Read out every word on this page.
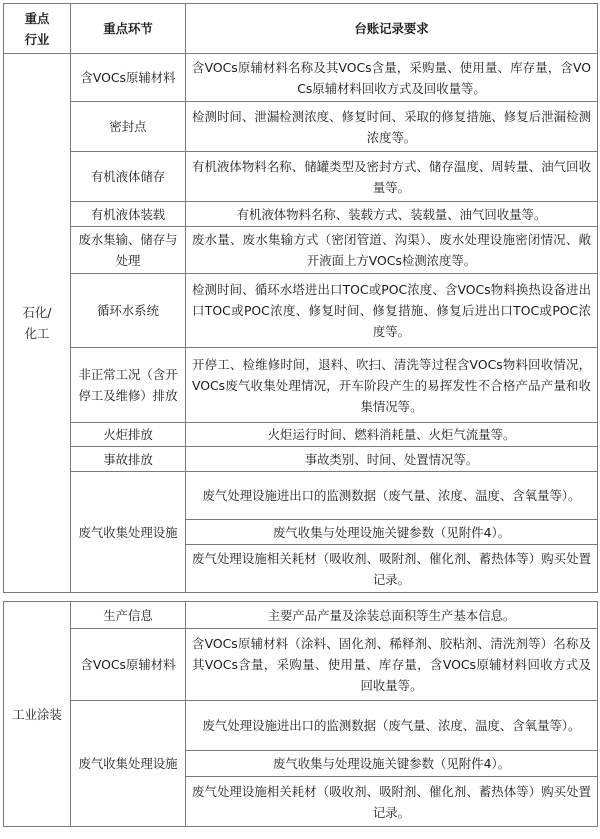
重点
行业	重点环节	台账记录要求
石化/
化工	含VOCs原辅材料	含VOCs原辅材料名称及其VOCs含量，采购量、使用量、库存量，含VOCs原辅材料回收方式及回收量等。
	密封点	检测时间、泄漏检测浓度、修复时间、采取的修复措施、修复后泄漏检测浓度等。
	有机液体储存	有机液体物料名称、储罐类型及密封方式、储存温度、周转量、油气回收量等。
	有机液体装载	有机液体物料名称、装载方式、装载量、油气回收量等。
	废水集输、储存与处理	废水量、废水集输方式（密闭管道、沟渠）、废水处理设施密闭情况、敞开液面上方VOCs检测浓度等。
	循环水系统	检测时间、循环水塔进出口TOC或POC浓度、含VOCs物料换热设备进出口TOC或POC浓度、修复时间、修复措施、修复后进出口TOC或POC浓度等。
	非正常工况（含开停工及维修）排放	开停工、检维修时间，退料、吹扫、清洗等过程含VOCs物料回收情况，VOCs废气收集处理情况，开车阶段产生的易挥发性不合格产品产量和收集情况等。
	火炬排放	火炬运行时间、燃料消耗量、火炬气流量等。
	事故排放	事故类别、时间、处置情况等。
	废气收集处理设施	废气处理设施进出口的监测数据（废气量、浓度、温度、含氧量等）。
		废气收集与处理设施关键参数（见附件4）。
		废气处理设施相关耗材（吸收剂、吸附剂、催化剂、蓄热体等）购买处置记录。
工业涂装	生产信息	主要产品产量及涂装总面积等生产基本信息。
	含VOCs原辅材料	含VOCs原辅材料（涂料、固化剂、稀释剂、胶粘剂、清洗剂等）名称及其VOCs含量，采购量、使用量、库存量，含VOCs原辅材料回收方式及回收量等。
	废气收集处理设施	废气处理设施进出口的监测数据（废气量、浓度、温度、含氧量等）。
		废气收集与处理设施关键参数（见附件4）。
		废气处理设施相关耗材（吸收剂、吸附剂、催化剂、蓄热体等）购买处置记录。
